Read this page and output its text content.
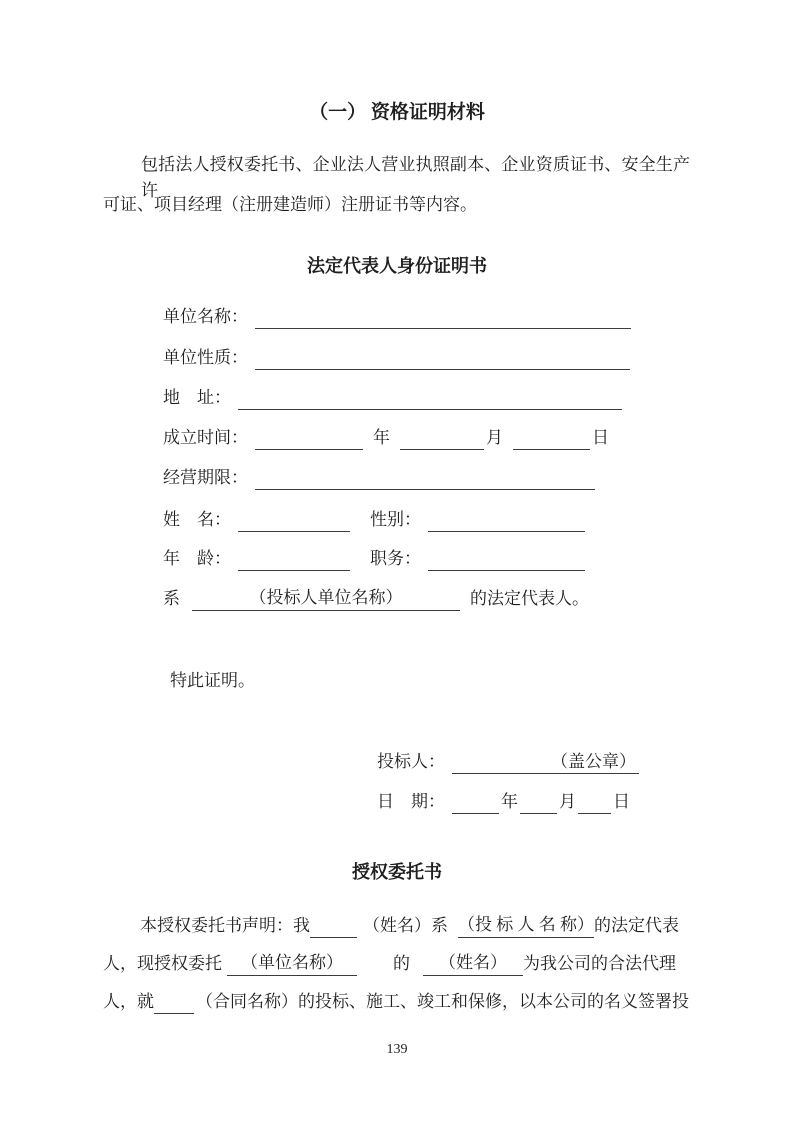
（一） 资格证明材料
包括法人授权委托书、企业法人营业执照副本、企业资质证书、安全生产许
可证、项目经理（注册建造师）注册证书等内容。
法定代表人身份证明书
单位名称：
单位性质：
地　址：
成立时间：	年	月	日
经营期限：
姓　名：	性别：
年　龄：	职务：
系	（投标人单位名称）	的法定代表人。
特此证明。
投标人：	（盖公章）
日　期：	年 月 日
授权委托书
本授权委托书声明：我	（姓名）系 （投 标 人 名 称） 的法定代表
人，现授权委托	（单位名称）	的	（姓名） 为我公司的合法代理
人，就 （合同名称）的投标、施工、竣工和保修，以本公司的名义签署投
139
